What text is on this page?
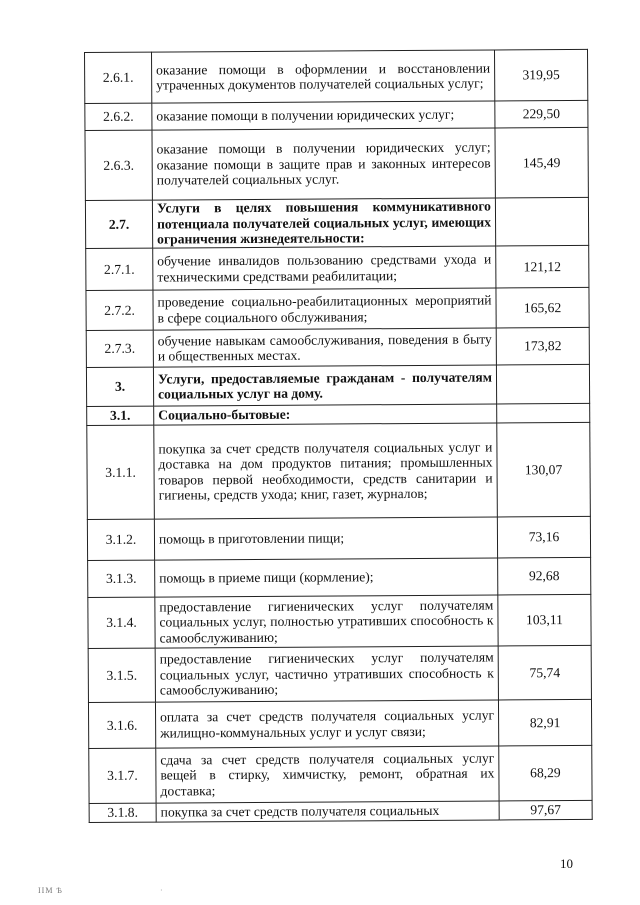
2.6.1.	оказание помощи в оформлении и восстановлении утраченных документов получателей социальных услуг;	319,95
2.6.2.	оказание помощи в получении юридических услуг;	229,50
2.6.3.	оказание помощи в получении юридических услуг; оказание помощи в защите прав и законных интересов получателей социальных услуг.	145,49
2.7.	Услуги в целях повышения коммуникативного потенциала получателей социальных услуг, имеющих ограничения жизнедеятельности:	
2.7.1.	обучение инвалидов пользованию средствами ухода и техническими средствами реабилитации;	121,12
2.7.2.	проведение социально-реабилитационных мероприятий в сфере социального обслуживания;	165,62
2.7.3.	обучение навыкам самообслуживания, поведения в быту и общественных местах.	173,82
3.	Услуги, предоставляемые гражданам - получателям социальных услуг на дому.	
3.1.	Социально-бытовые:	
3.1.1.	покупка за счет средств получателя социальных услуг и доставка на дом продуктов питания; промышленных товаров первой необходимости, средств санитарии и гигиены, средств ухода; книг, газет, журналов;	130,07
3.1.2.	помощь в приготовлении пищи;	73,16
3.1.3.	помощь в приеме пищи (кормление);	92,68
3.1.4.	предоставление гигиенических услуг получателям социальных услуг, полностью утративших способность к самообслуживанию;	103,11
3.1.5.	предоставление гигиенических услуг получателям социальных услуг, частично утративших способность к самообслуживанию;	75,74
3.1.6.	оплата за счет средств получателя социальных услуг жилищно-коммунальных услуг и услуг связи;	82,91
3.1.7.	сдача за счет средств получателя социальных услуг вещей в стирку, химчистку, ремонт, обратная их доставка;	68,29
3.1.8.	покупка за счет средств получателя социальных	97,67
10
ІІМ Ѣ	·
